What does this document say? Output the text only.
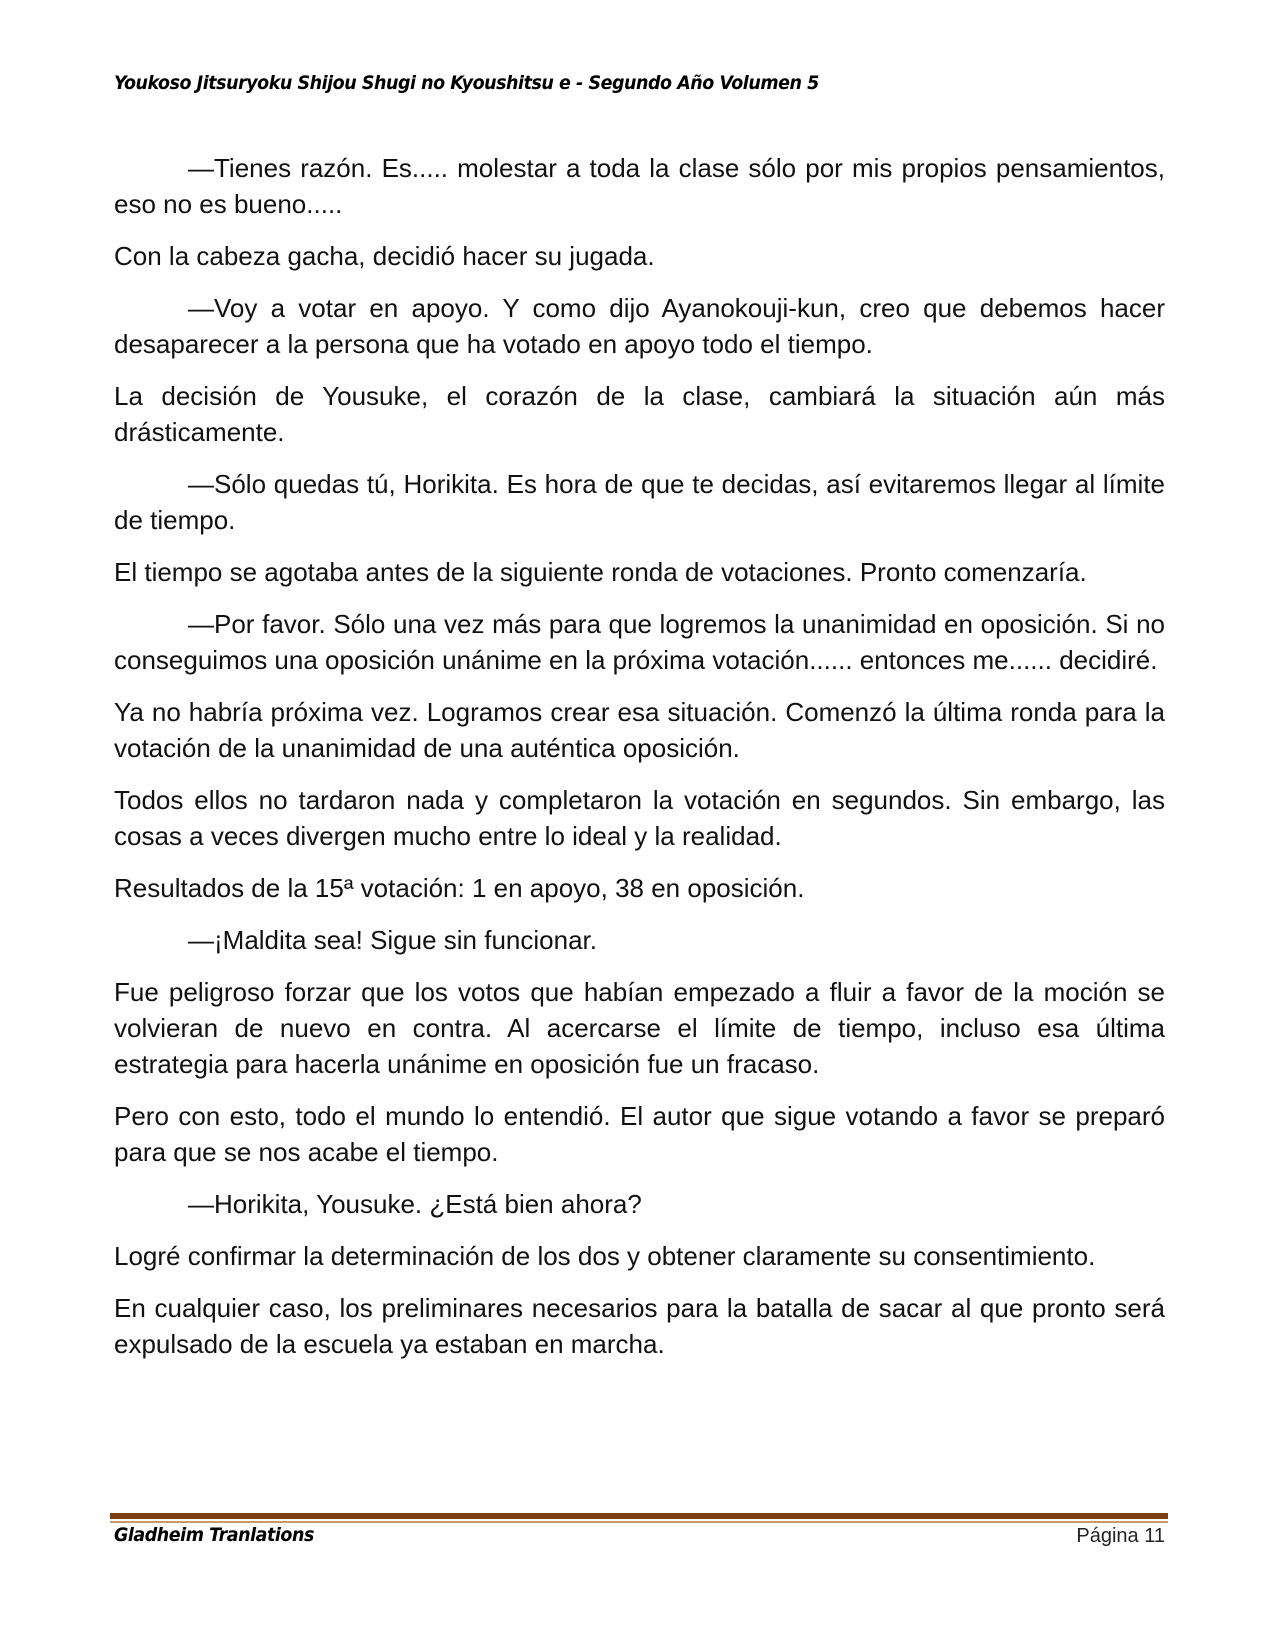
Youkoso Jitsuryoku Shijou Shugi no Kyoushitsu e - Segundo Año Volumen 5

—Tienes razón. Es..... molestar a toda la clase sólo por mis propios pensamientos, eso no es bueno.....

Con la cabeza gacha, decidió hacer su jugada.

—Voy a votar en apoyo. Y como dijo Ayanokouji-kun, creo que debemos hacer desaparecer a la persona que ha votado en apoyo todo el tiempo.

La decisión de Yousuke, el corazón de la clase, cambiará la situación aún más drásticamente.

—Sólo quedas tú, Horikita. Es hora de que te decidas, así evitaremos llegar al límite de tiempo.

El tiempo se agotaba antes de la siguiente ronda de votaciones. Pronto comenzaría.

—Por favor. Sólo una vez más para que logremos la unanimidad en oposición. Si no conseguimos una oposición unánime en la próxima votación...... entonces me...... decidiré.

Ya no habría próxima vez. Logramos crear esa situación. Comenzó la última ronda para la votación de la unanimidad de una auténtica oposición.

Todos ellos no tardaron nada y completaron la votación en segundos. Sin embargo, las cosas a veces divergen mucho entre lo ideal y la realidad.

Resultados de la 15ª votación: 1 en apoyo, 38 en oposición.

—¡Maldita sea! Sigue sin funcionar.

Fue peligroso forzar que los votos que habían empezado a fluir a favor de la moción se volvieran de nuevo en contra. Al acercarse el límite de tiempo, incluso esa última estrategia para hacerla unánime en oposición fue un fracaso.

Pero con esto, todo el mundo lo entendió. El autor que sigue votando a favor se preparó para que se nos acabe el tiempo.

—Horikita, Yousuke. ¿Está bien ahora?

Logré confirmar la determinación de los dos y obtener claramente su consentimiento.

En cualquier caso, los preliminares necesarios para la batalla de sacar al que pronto será expulsado de la escuela ya estaban en marcha.

Gladheim Tranlations	Página 11
